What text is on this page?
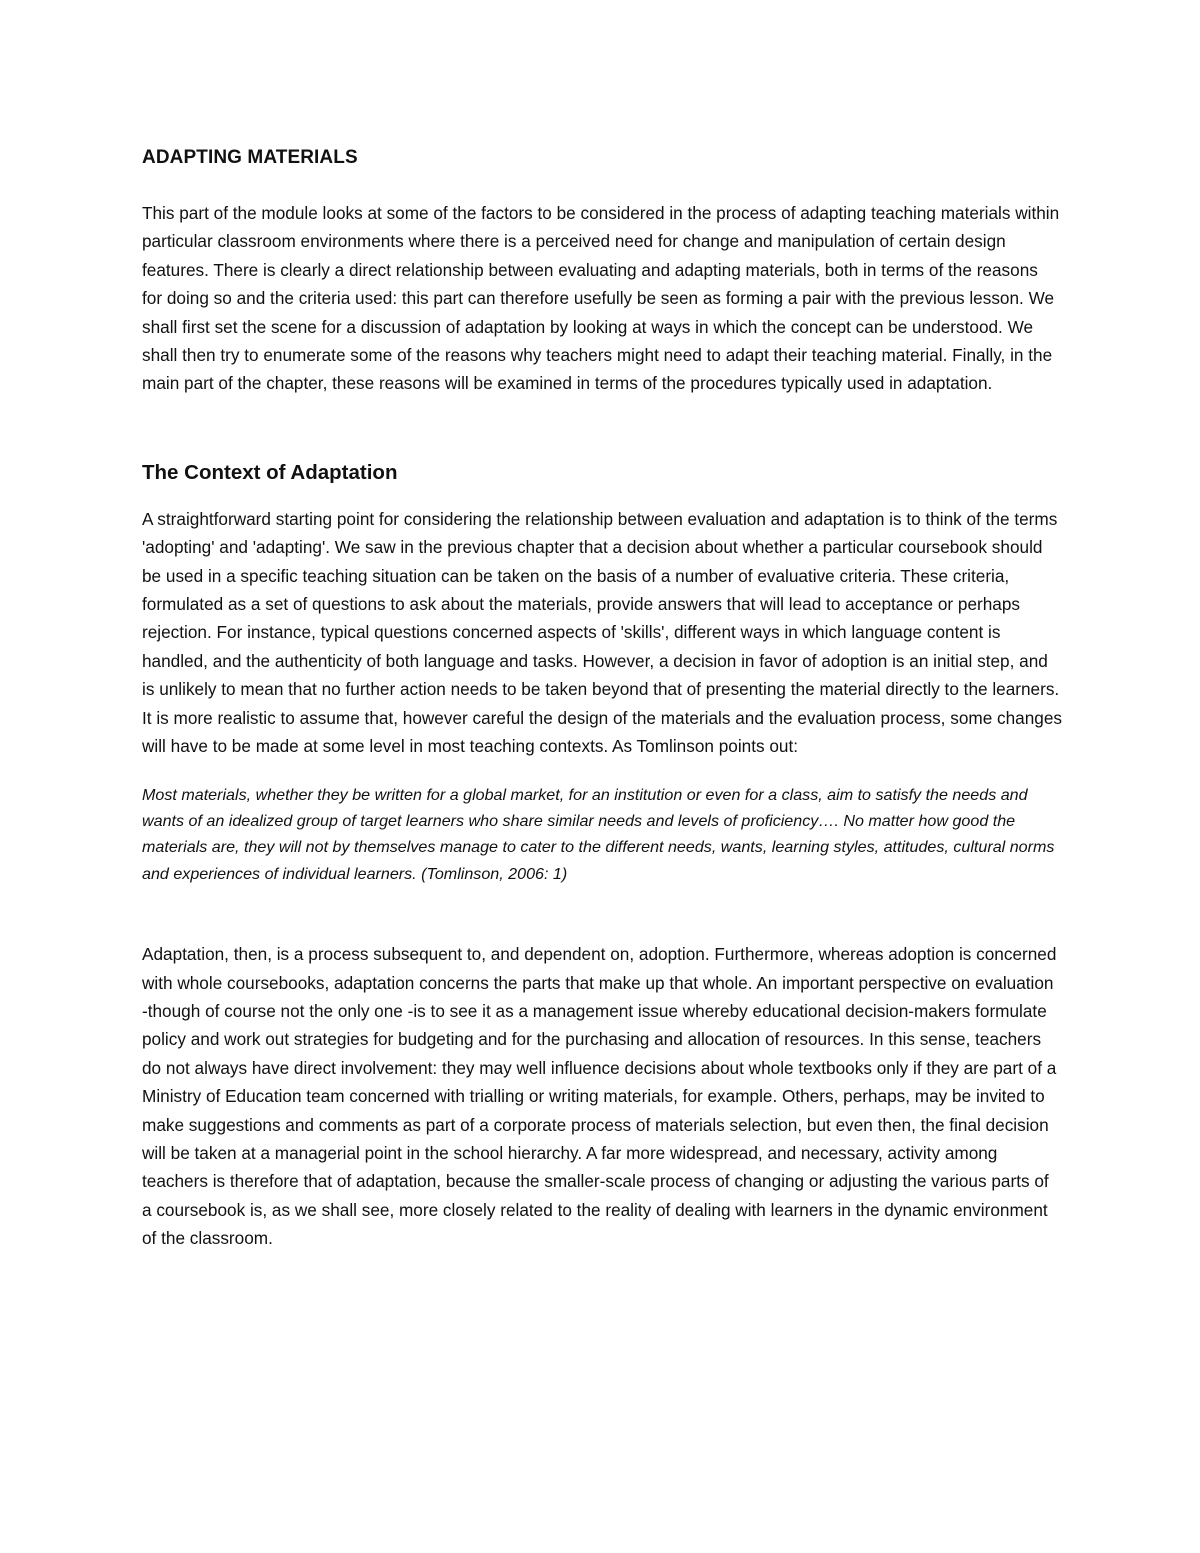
ADAPTING MATERIALS

This part of the module looks at some of the factors to be considered in the process of adapting teaching materials within particular classroom environments where there is a perceived need for change and manipulation of certain design features. There is clearly a direct relationship between evaluating and adapting materials, both in terms of the reasons for doing so and the criteria used: this part can therefore usefully be seen as forming a pair with the previous lesson. We shall first set the scene for a discussion of adaptation by looking at ways in which the concept can be understood. We shall then try to enumerate some of the reasons why teachers might need to adapt their teaching material. Finally, in the main part of the chapter, these reasons will be examined in terms of the procedures typically used in adaptation.

The Context of Adaptation

A straightforward starting point for considering the relationship between evaluation and adaptation is to think of the terms 'adopting' and 'adapting'. We saw in the previous chapter that a decision about whether a particular coursebook should be used in a specific teaching situation can be taken on the basis of a number of evaluative criteria. These criteria, formulated as a set of questions to ask about the materials, provide answers that will lead to acceptance or perhaps rejection. For instance, typical questions concerned aspects of 'skills', different ways in which language content is handled, and the authenticity of both language and tasks. However, a decision in favor of adoption is an initial step, and is unlikely to mean that no further action needs to be taken beyond that of presenting the material directly to the learners. It is more realistic to assume that, however careful the design of the materials and the evaluation process, some changes will have to be made at some level in most teaching contexts. As Tomlinson points out:

Most materials, whether they be written for a global market, for an institution or even for a class, aim to satisfy the needs and wants of an idealized group of target learners who share similar needs and levels of proficiency…. No matter how good the materials are, they will not by themselves manage to cater to the different needs, wants, learning styles, attitudes, cultural norms and experiences of individual learners. (Tomlinson, 2006: 1)

Adaptation, then, is a process subsequent to, and dependent on, adoption. Furthermore, whereas adoption is concerned with whole coursebooks, adaptation concerns the parts that make up that whole. An important perspective on evaluation -though of course not the only one -is to see it as a management issue whereby educational decision-makers formulate policy and work out strategies for budgeting and for the purchasing and allocation of resources. In this sense, teachers do not always have direct involvement: they may well influence decisions about whole textbooks only if they are part of a Ministry of Education team concerned with trialling or writing materials, for example. Others, perhaps, may be invited to make suggestions and comments as part of a corporate process of materials selection, but even then, the final decision will be taken at a managerial point in the school hierarchy. A far more widespread, and necessary, activity among teachers is therefore that of adaptation, because the smaller-scale process of changing or adjusting the various parts of a coursebook is, as we shall see, more closely related to the reality of dealing with learners in the dynamic environment of the classroom.
